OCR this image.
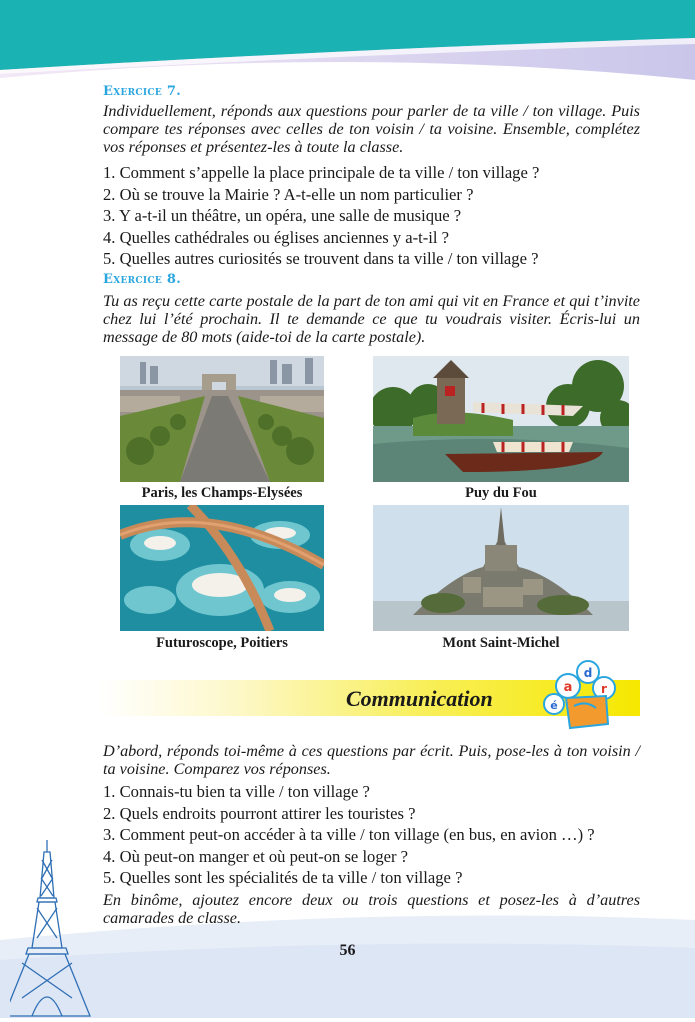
Exercice 7.
Individuellement, réponds aux questions pour parler de ta ville / ton village. Puis compare tes réponses avec celles de ton voisin / ta voisine. Ensemble, complétez vos réponses et présentez-les à toute la classe.
1. Comment s’appelle la place principale de ta ville / ton village ?
2. Où se trouve la Mairie ? A-t-elle un nom particulier ?
3. Y a-t-il un théâtre, un opéra, une salle de musique ?
4. Quelles cathédrales ou églises anciennes y a-t-il ?
5. Quelles autres curiosités se trouvent dans ta ville / ton village ?
Exercice 8.
Tu as reçu cette carte postale de la part de ton ami qui vit en France et qui t’invite chez lui l’été prochain. Il te demande ce que tu voudrais visiter. Écris-lui un message de 80 mots (aide-toi de la carte postale).
Paris, les Champs-Elysées	Puy du Fou
Futuroscope, Poitiers	Mont Saint-Michel
Communication	a
d
r
é
D’abord, réponds toi-même à ces questions par écrit. Puis, pose-les à ton voisin / ta voisine. Comparez vos réponses.
1. Connais-tu bien ta ville / ton village ?
2. Quels endroits pourront attirer les touristes ?
3. Comment peut-on accéder à ta ville / ton village (en bus, en avion …) ?
4. Où peut-on manger et où peut-on se loger ?
5. Quelles sont les spécialités de ta ville / ton village ?
En binôme, ajoutez encore deux ou trois questions et posez-les à d’autres camarades de classe.
56
